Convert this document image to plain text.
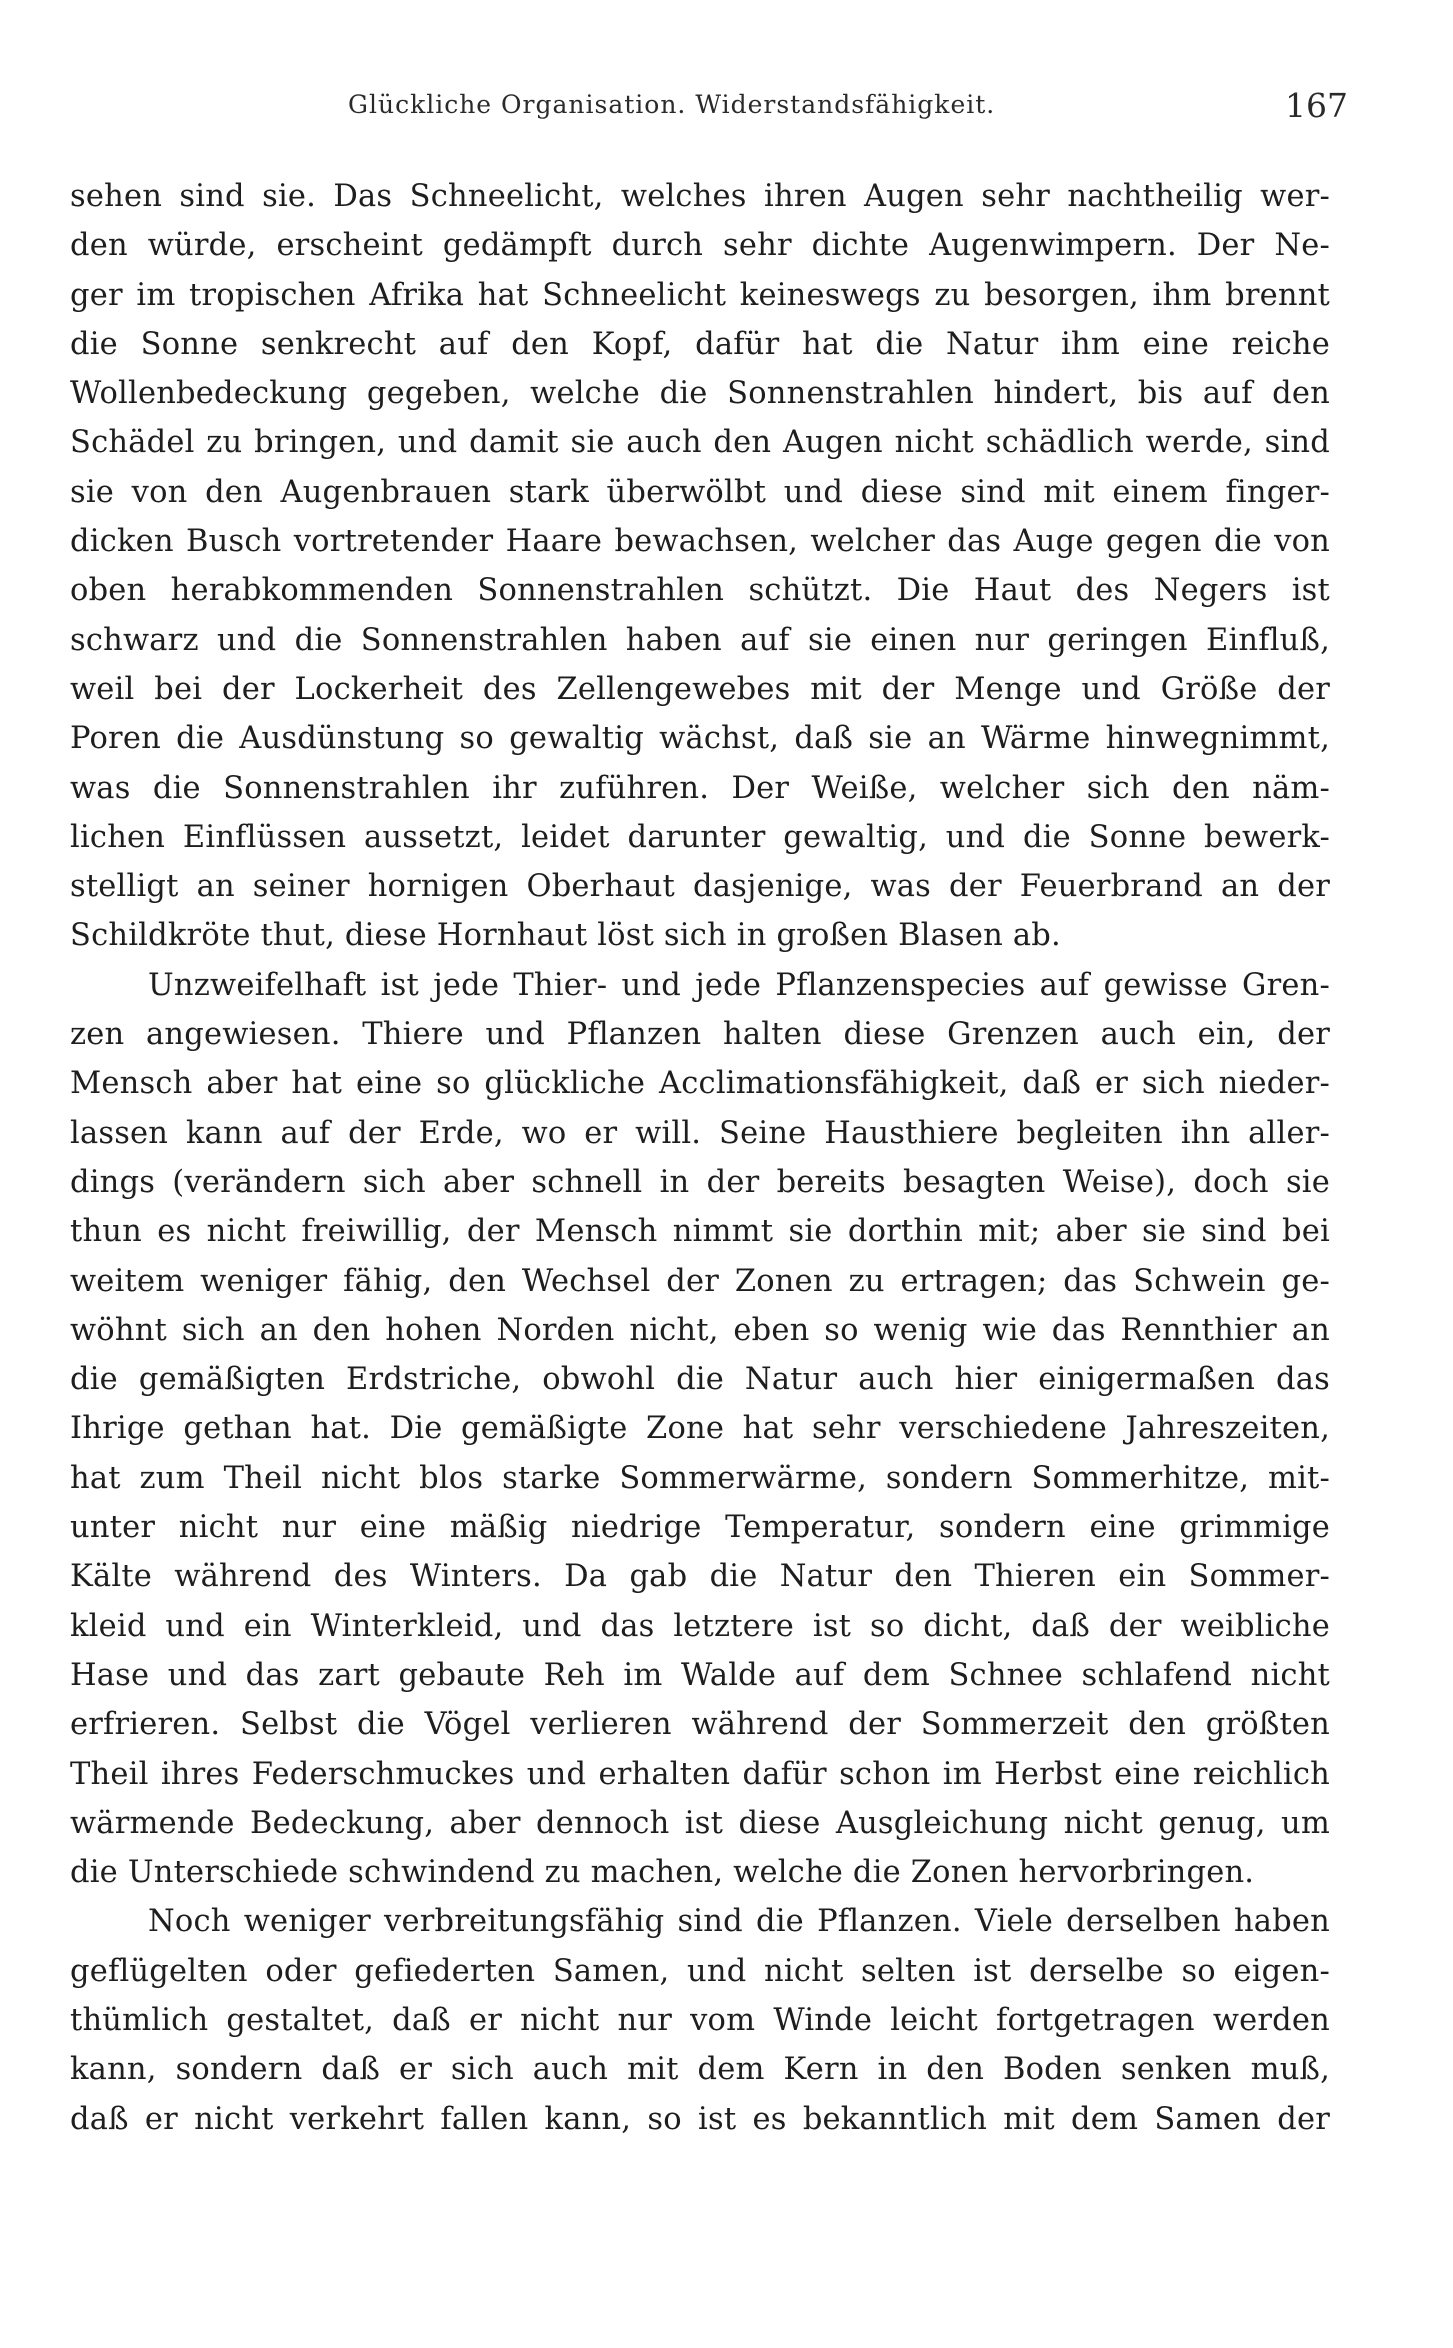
Glückliche Organisation. Widerstandsfähigkeit.	167
sehen sind sie. Das Schneelicht, welches ihren Augen sehr nachtheilig wer-
den würde, erscheint gedämpft durch sehr dichte Augenwimpern. Der Ne-
ger im tropischen Afrika hat Schneelicht keineswegs zu besorgen, ihm brennt
die Sonne senkrecht auf den Kopf, dafür hat die Natur ihm eine reiche
Wollenbedeckung gegeben, welche die Sonnenstrahlen hindert, bis auf den
Schädel zu bringen, und damit sie auch den Augen nicht schädlich werde, sind
sie von den Augenbrauen stark überwölbt und diese sind mit einem finger-
dicken Busch vortretender Haare bewachsen, welcher das Auge gegen die von
oben herabkommenden Sonnenstrahlen schützt. Die Haut des Negers ist
schwarz und die Sonnenstrahlen haben auf sie einen nur geringen Einfluß,
weil bei der Lockerheit des Zellengewebes mit der Menge und Größe der
Poren die Ausdünstung so gewaltig wächst, daß sie an Wärme hinwegnimmt,
was die Sonnenstrahlen ihr zuführen. Der Weiße, welcher sich den näm-
lichen Einflüssen aussetzt, leidet darunter gewaltig, und die Sonne bewerk-
stelligt an seiner hornigen Oberhaut dasjenige, was der Feuerbrand an der
Schildkröte thut, diese Hornhaut löst sich in großen Blasen ab.
Unzweifelhaft ist jede Thier- und jede Pflanzenspecies auf gewisse Gren-
zen angewiesen. Thiere und Pflanzen halten diese Grenzen auch ein, der
Mensch aber hat eine so glückliche Acclimationsfähigkeit, daß er sich nieder-
lassen kann auf der Erde, wo er will. Seine Hausthiere begleiten ihn aller-
dings (verändern sich aber schnell in der bereits besagten Weise), doch sie
thun es nicht freiwillig, der Mensch nimmt sie dorthin mit; aber sie sind bei
weitem weniger fähig, den Wechsel der Zonen zu ertragen; das Schwein ge-
wöhnt sich an den hohen Norden nicht, eben so wenig wie das Rennthier an
die gemäßigten Erdstriche, obwohl die Natur auch hier einigermaßen das
Ihrige gethan hat. Die gemäßigte Zone hat sehr verschiedene Jahreszeiten,
hat zum Theil nicht blos starke Sommerwärme, sondern Sommerhitze, mit-
unter nicht nur eine mäßig niedrige Temperatur, sondern eine grimmige
Kälte während des Winters. Da gab die Natur den Thieren ein Sommer-
kleid und ein Winterkleid, und das letztere ist so dicht, daß der weibliche
Hase und das zart gebaute Reh im Walde auf dem Schnee schlafend nicht
erfrieren. Selbst die Vögel verlieren während der Sommerzeit den größten
Theil ihres Federschmuckes und erhalten dafür schon im Herbst eine reichlich
wärmende Bedeckung, aber dennoch ist diese Ausgleichung nicht genug, um
die Unterschiede schwindend zu machen, welche die Zonen hervorbringen.
Noch weniger verbreitungsfähig sind die Pflanzen. Viele derselben haben
geflügelten oder gefiederten Samen, und nicht selten ist derselbe so eigen-
thümlich gestaltet, daß er nicht nur vom Winde leicht fortgetragen werden
kann, sondern daß er sich auch mit dem Kern in den Boden senken muß,
daß er nicht verkehrt fallen kann, so ist es bekanntlich mit dem Samen der
